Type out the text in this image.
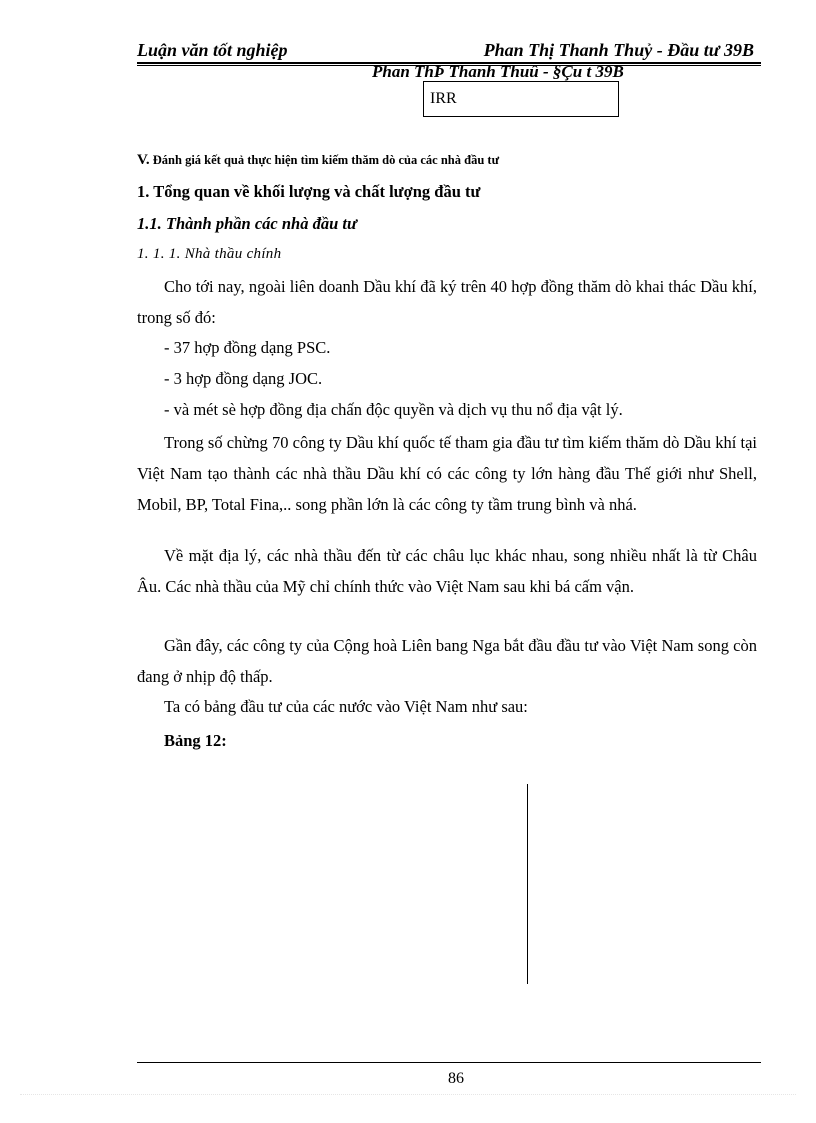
Luận văn tốt nghiệp	Phan Thị Thanh Thuỷ - Đầu tư 39B
Phan ThÞ Thanh Thuû - §Çu t 39B
IRR
V. Đánh giá kết quả thực hiện tìm kiếm thăm dò của các nhà đầu tư
1. Tổng quan về khối lượng và chất lượng đầu tư
1.1. Thành phần các nhà đầu tư
1. 1. 1. Nhà thầu chính

Cho tới nay, ngoài liên doanh Dầu khí đã ký trên 40 hợp đồng thăm dò khai thác Dầu khí, trong số đó:

- 37 hợp đồng dạng PSC.
- 3 hợp đồng dạng JOC.
- và mét sè hợp đồng địa chấn độc quyền và dịch vụ thu nổ địa vật lý.

Trong số chừng 70 công ty Dầu khí quốc tế tham gia đầu tư tìm kiếm thăm dò Dầu khí tại Việt Nam tạo thành các nhà thầu Dầu khí có các công ty lớn hàng đầu Thế giới như Shell, Mobil, BP, Total Fina,.. song phần lớn là các công ty tầm trung bình và nhá.

Về mặt địa lý, các nhà thầu đến từ các châu lục khác nhau, song nhiều nhất là từ Châu Âu. Các nhà thầu của Mỹ chỉ chính thức vào Việt Nam sau khi bá cấm vận.

Gần đây, các công ty của Cộng hoà Liên bang Nga bắt đầu đầu tư vào Việt Nam song còn đang ở nhịp độ thấp.

Ta có bảng đầu tư của các nước vào Việt Nam như sau:

Bảng 12:
86
